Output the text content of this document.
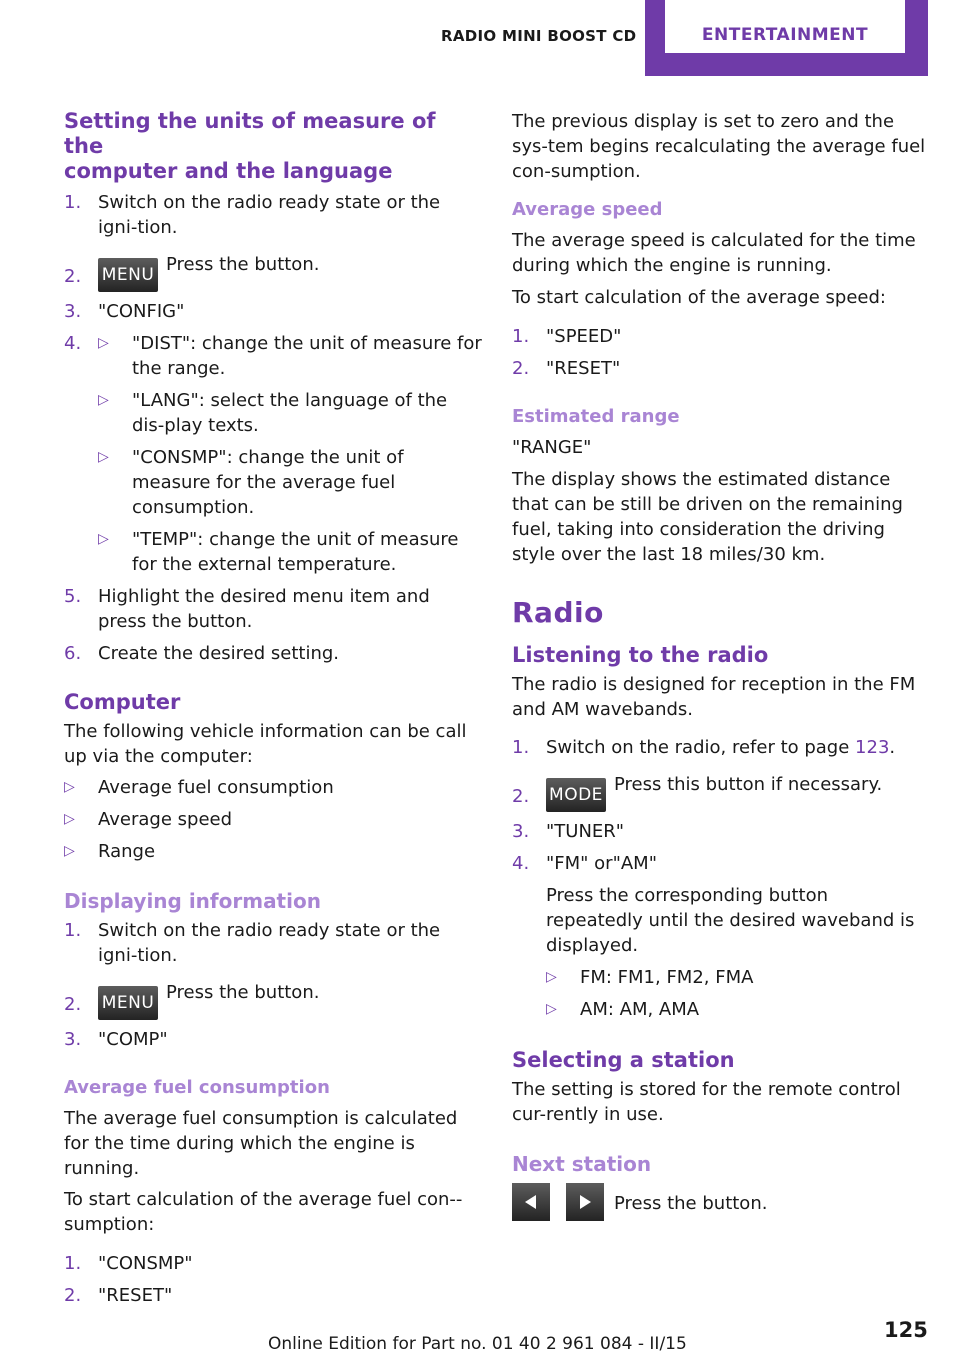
RADIO MINI BOOST CD	ENTERTAINMENT
Setting the units of measure of the
computer and the language
1. Switch on the radio ready state or the igni-tion.
2. MENU Press the button.
3. "CONFIG"
4. ▷ "DIST": change the unit of measure for the range.
▷ "LANG": select the language of the dis-play texts.
▷ "CONSMP": change the unit of measure for the average fuel consumption.
▷ "TEMP": change the unit of measure for the external temperature.
5. Highlight the desired menu item and press the button.
6. Create the desired setting.
Computer

The following vehicle information can be call up via the computer:

▷ Average fuel consumption
▷ Average speed
▷ Range
Displaying information
1. Switch on the radio ready state or the igni-tion.
2. MENU Press the button.
3. "COMP"
Average fuel consumption

The average fuel consumption is calculated for the time during which the engine is running.

To start calculation of the average fuel con-sumption:

1. "CONSMP"
2. "RESET"

The previous display is set to zero and the sys-tem begins recalculating the average fuel con-sumption.

Average speed

The average speed is calculated for the time during which the engine is running.

To start calculation of the average speed:

1. "SPEED"
2. "RESET"
Estimated range

"RANGE"

The display shows the estimated distance that can be still be driven on the remaining fuel, taking into consideration the driving style over the last 18 miles/30 km.

Radio
Listening to the radio

The radio is designed for reception in the FM and AM wavebands.

1. Switch on the radio, refer to page 123.
2. MODE Press this button if necessary.
3. "TUNER"
4. "FM" or"AM"

Press the corresponding button repeatedly until the desired waveband is displayed.

▷ FM: FM1, FM2, FMA
▷ AM: AM, AMA
Selecting a station

The setting is stored for the remote control cur-rently in use.

Next station
Press the button.
125
Online Edition for Part no. 01 40 2 961 084 - II/15
